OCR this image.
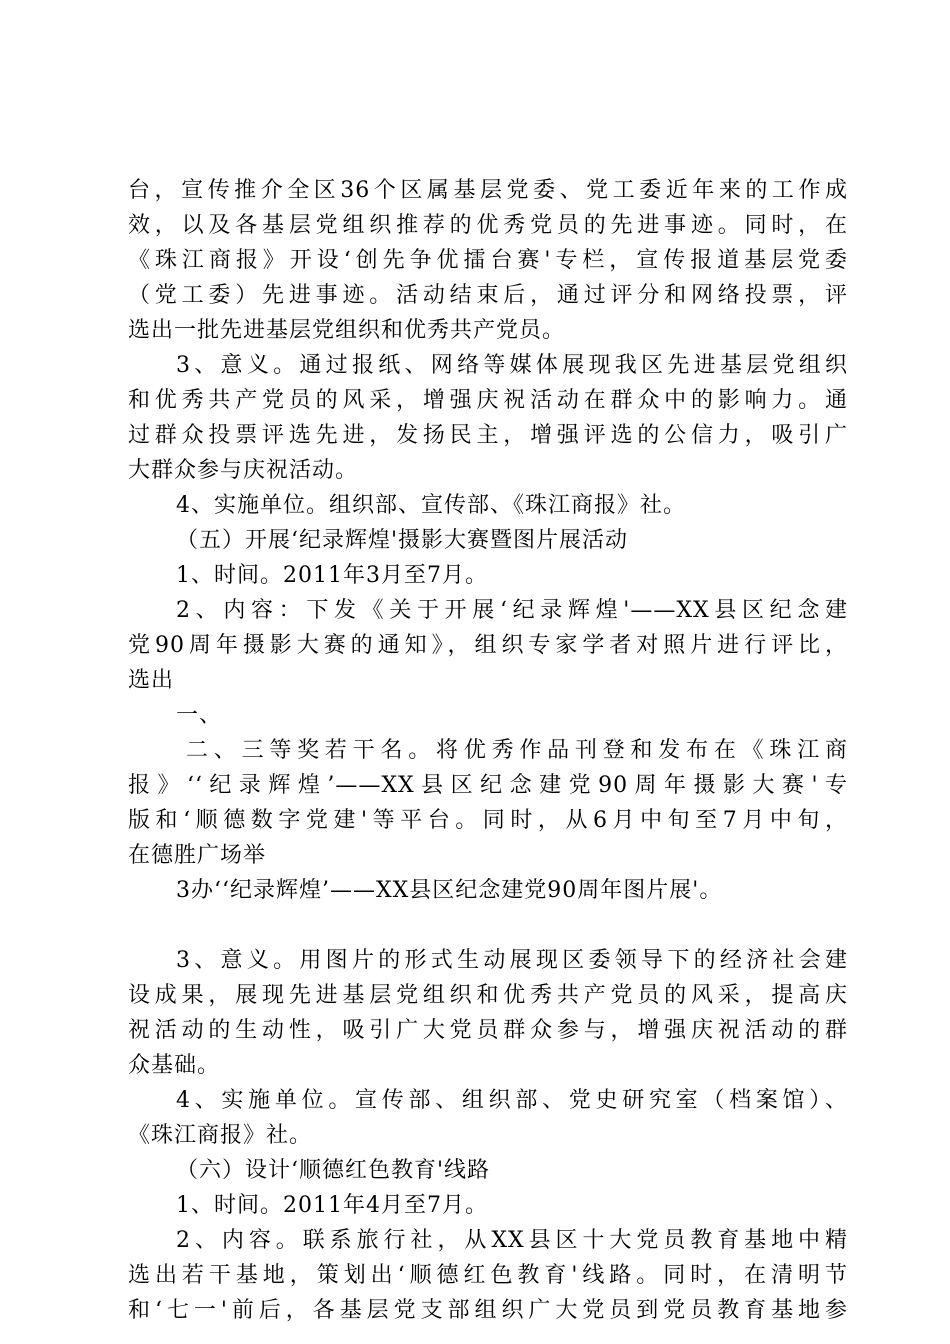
台，宣传推介全区36个区属基层党委、党工委近年来的工作成
效，以及各基层党组织推荐的优秀党员的先进事迹。同时，在
《珠江商报》开设‘创先争优擂台赛'专栏，宣传报道基层党委
（党工委）先进事迹。活动结束后，通过评分和网络投票，评
选出一批先进基层党组织和优秀共产党员。
3、意义。通过报纸、网络等媒体展现我区先进基层党组织
和优秀共产党员的风采，增强庆祝活动在群众中的影响力。通
过群众投票评选先进，发扬民主，增强评选的公信力，吸引广
大群众参与庆祝活动。
4、实施单位。组织部、宣传部、《珠江商报》社。
（五）开展‘纪录辉煌'摄影大赛暨图片展活动
1、时间。2011年3月至7月。
2、内容：下发《关于开展‘纪录辉煌'——XX县区纪念建
党90周年摄影大赛的通知》，组织专家学者对照片进行评比，
选出
一、
二、三等奖若干名。将优秀作品刊登和发布在《珠江商
报》‘‘纪录辉煌’——XX县区纪念建党90周年摄影大赛'专
版和‘顺德数字党建'等平台。同时，从6月中旬至7月中旬，
在德胜广场举
3办‘‘纪录辉煌’——XX县区纪念建党90周年图片展'。
3、意义。用图片的形式生动展现区委领导下的经济社会建
设成果，展现先进基层党组织和优秀共产党员的风采，提高庆
祝活动的生动性，吸引广大党员群众参与，增强庆祝活动的群
众基础。
4、实施单位。宣传部、组织部、党史研究室（档案馆）、
《珠江商报》社。
（六）设计‘顺德红色教育'线路
1、时间。2011年4月至7月。
2、内容。联系旅行社，从XX县区十大党员教育基地中精
选出若干基地，策划出‘顺德红色教育'线路。同时，在清明节
和‘七一'前后，各基层党支部组织广大党员到党员教育基地参
